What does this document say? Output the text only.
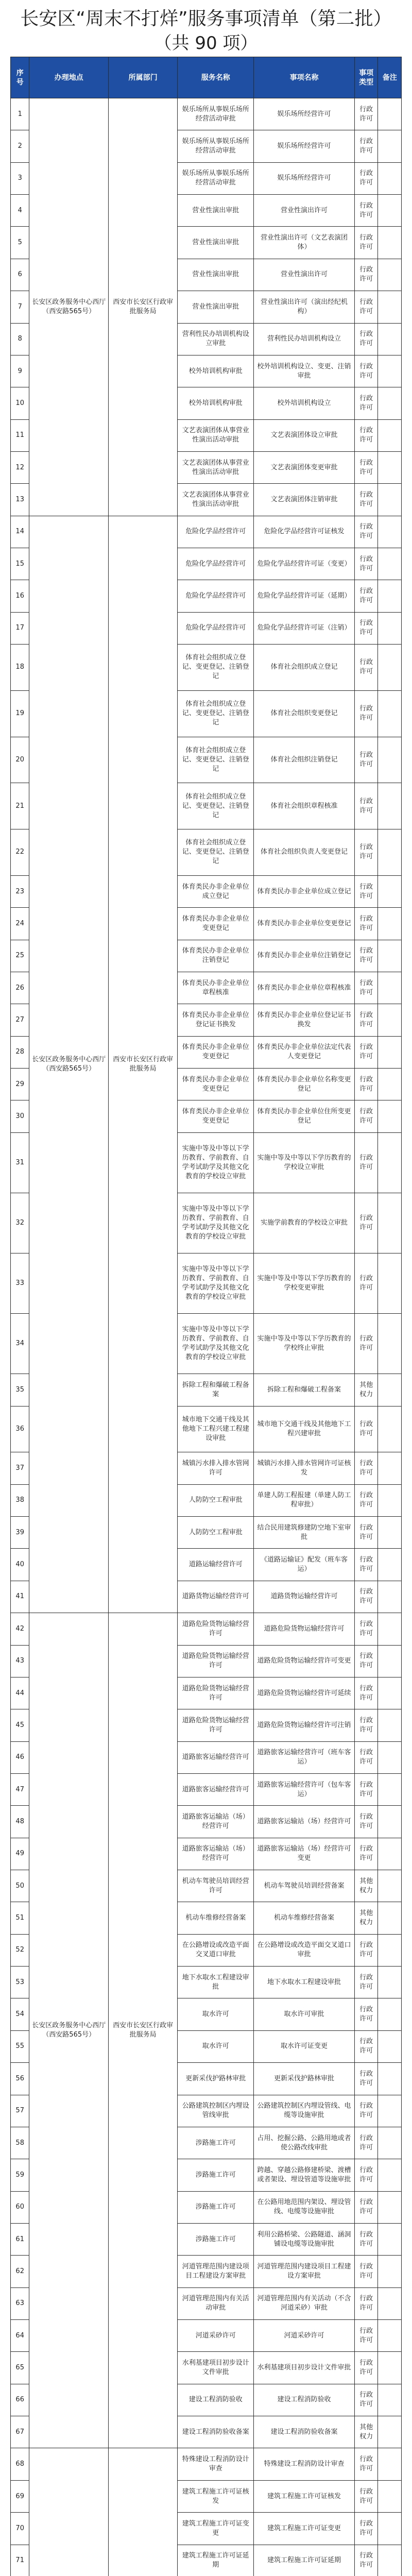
长安区“周末不打烊”服务事项清单（第二批）
（共 90 项）
序号	办理地点	所属部门	服务名称	事项名称	事项类型	备注
1	长安区政务服务中心西厅（西安路565号）	西安市长安区行政审批服务局	娱乐场所从事娱乐场所经营活动审批	娱乐场所经营许可	行政许可	
2			娱乐场所从事娱乐场所经营活动审批	娱乐场所经营许可	行政许可	
3			娱乐场所从事娱乐场所经营活动审批	娱乐场所经营许可	行政许可	
4			营业性演出审批	营业性演出许可	行政许可	
5			营业性演出审批	营业性演出许可（文艺表演团体）	行政许可	
6			营业性演出审批	营业性演出许可	行政许可	
7			营业性演出审批	营业性演出许可（演出经纪机构）	行政许可	
8			营利性民办培训机构设立审批	营利性民办培训机构设立	行政许可	
9			校外培训机构审批	校外培训机构设立、变更、注销审批	行政许可	
10			校外培训机构审批	校外培训机构设立	行政许可	
11			文艺表演团体从事营业性演出活动审批	文艺表演团体设立审批	行政许可	
12			文艺表演团体从事营业性演出活动审批	文艺表演团体变更审批	行政许可	
13			文艺表演团体从事营业性演出活动审批	文艺表演团体注销审批	行政许可	
14	长安区政务服务中心西厅（西安路565号）	西安市长安区行政审批服务局	危险化学品经营许可	危险化学品经营许可证核发	行政许可	
15			危险化学品经营许可	危险化学品经营许可证（变更）	行政许可	
16			危险化学品经营许可	危险化学品经营许可证（延期）	行政许可	
17			危险化学品经营许可	危险化学品经营许可证（注销）	行政许可	
18			体育社会组织成立登记、变更登记、注销登记	体育社会组织成立登记	行政许可	
19			体育社会组织成立登记、变更登记、注销登记	体育社会组织变更登记	行政许可	
20			体育社会组织成立登记、变更登记、注销登记	体育社会组织注销登记	行政许可	
21			体育社会组织成立登记、变更登记、注销登记	体育社会组织章程核准	行政许可	
22			体育社会组织成立登记、变更登记、注销登记	体育社会组织负责人变更登记	行政许可	
23			体育类民办非企业单位成立登记	体育类民办非企业单位成立登记	行政许可	
24			体育类民办非企业单位变更登记	体育类民办非企业单位变更登记	行政许可	
25			体育类民办非企业单位注销登记	体育类民办非企业单位注销登记	行政许可	
26			体育类民办非企业单位章程核准	体育类民办非企业单位章程核准	行政许可	
27			体育类民办非企业单位登记证书换发	体育类民办非企业单位登记证书换发	行政许可	
28			体育类民办非企业单位变更登记	体育类民办非企业单位法定代表人变更登记	行政许可	
29			体育类民办非企业单位变更登记	体育类民办非企业单位名称变更登记	行政许可	
30			体育类民办非企业单位变更登记	体育类民办非企业单位住所变更登记	行政许可	
31			实施中等及中等以下学历教育、学前教育、自学考试助学及其他文化教育的学校设立审批	实施中等及中等以下学历教育的学校设立审批	行政许可	
32			实施中等及中等以下学历教育、学前教育、自学考试助学及其他文化教育的学校设立审批	实施学前教育的学校设立审批	行政许可	
33			实施中等及中等以下学历教育、学前教育、自学考试助学及其他文化教育的学校设立审批	实施中等及中等以下学历教育的学校变更审批	行政许可	
34			实施中等及中等以下学历教育、学前教育、自学考试助学及其他文化教育的学校设立审批	实施中等及中等以下学历教育的学校终止审批	行政许可	
35			拆除工程和爆破工程备案	拆除工程和爆破工程备案	其他权力	
36			城市地下交通干线及其他地下工程兴建工程建设审批	城市地下交通干线及其他地下工程兴建审批	行政许可	
37			城镇污水排入排水管网许可	城镇污水排入排水管网许可证核发	行政许可	
38			人防防空工程审批	单建人防工程报建（单建人防工程审批）	行政许可	
39			人防防空工程审批	结合民用建筑修建防空地下室审批	行政许可	
40			道路运输经营许可	《道路运输证》配发（班车客运）	行政许可	
41			道路货物运输经营许可	道路货物运输经营许可	行政许可	
42	长安区政务服务中心西厅（西安路565号）	西安市长安区行政审批服务局	道路危险货物运输经营许可	道路危险货物运输经营许可	行政许可	
43			道路危险货物运输经营许可	道路危险货物运输经营许可变更	行政许可	
44			道路危险货物运输经营许可	道路危险货物运输经营许可延续	行政许可	
45			道路危险货物运输经营许可	道路危险货物运输经营许可注销	行政许可	
46			道路旅客运输经营许可	道路旅客运输经营许可（班车客运）	行政许可	
47			道路旅客运输经营许可	道路旅客运输经营许可（包车客运）	行政许可	
48			道路旅客运输站（场）经营许可	道路旅客运输站（场）经营许可	行政许可	
49			道路旅客运输站（场）经营许可	道路旅客运输站（场）经营许可变更	行政许可	
50			机动车驾驶员培训经营许可	机动车驾驶员培训经营备案	其他权力	
51			机动车维修经营备案	机动车维修经营备案	其他权力	
52			在公路增设或改造平面交叉道口审批	在公路增设或改造平面交叉道口审批	行政许可	
53			地下水取水工程建设审批	地下水取水工程建设审批	行政许可	
54			取水许可	取水许可审批	行政许可	
55			取水许可	取水许可证变更	行政许可	
56			更新采伐护路林审批	更新采伐护路林审批	行政许可	
57			公路建筑控制区内埋设管线审批	公路建筑控制区内埋设管线、电缆等设施审批	行政许可	
58			涉路施工许可	占用、挖掘公路、公路用地或者使公路改线审批	行政许可	
59			涉路施工许可	跨越、穿越公路修建桥梁、渡槽或者架设、埋设管道等设施审批	行政许可	
60			涉路施工许可	在公路用地范围内架设、埋设管线、电缆等设施审批	行政许可	
61			涉路施工许可	利用公路桥梁、公路隧道、涵洞铺设电缆等设施审批	行政许可	
62			河道管理范围内建设项目工程建设方案审批	河道管理范围内建设项目工程建设方案审批	行政许可	
63			河道管理范围内有关活动审批	河道管理范围内有关活动（不含河道采砂）审批	行政许可	
64			河道采砂许可	河道采砂许可	行政许可	
65			水利基建项目初步设计文件审批	水利基建项目初步设计文件审批	行政许可	
66			建设工程消防验收	建设工程消防验收	行政许可	
67			建设工程消防验收备案	建设工程消防验收备案	其他权力	
68			特殊建设工程消防设计审查	特殊建设工程消防设计审查	行政许可	
69			建筑工程施工许可证核发	建筑工程施工许可证核发	行政许可	
70			建筑工程施工许可证变更	建筑工程施工许可证变更	行政许可	
71			建筑工程施工许可证延期	建筑工程施工许可证延期	行政许可	
